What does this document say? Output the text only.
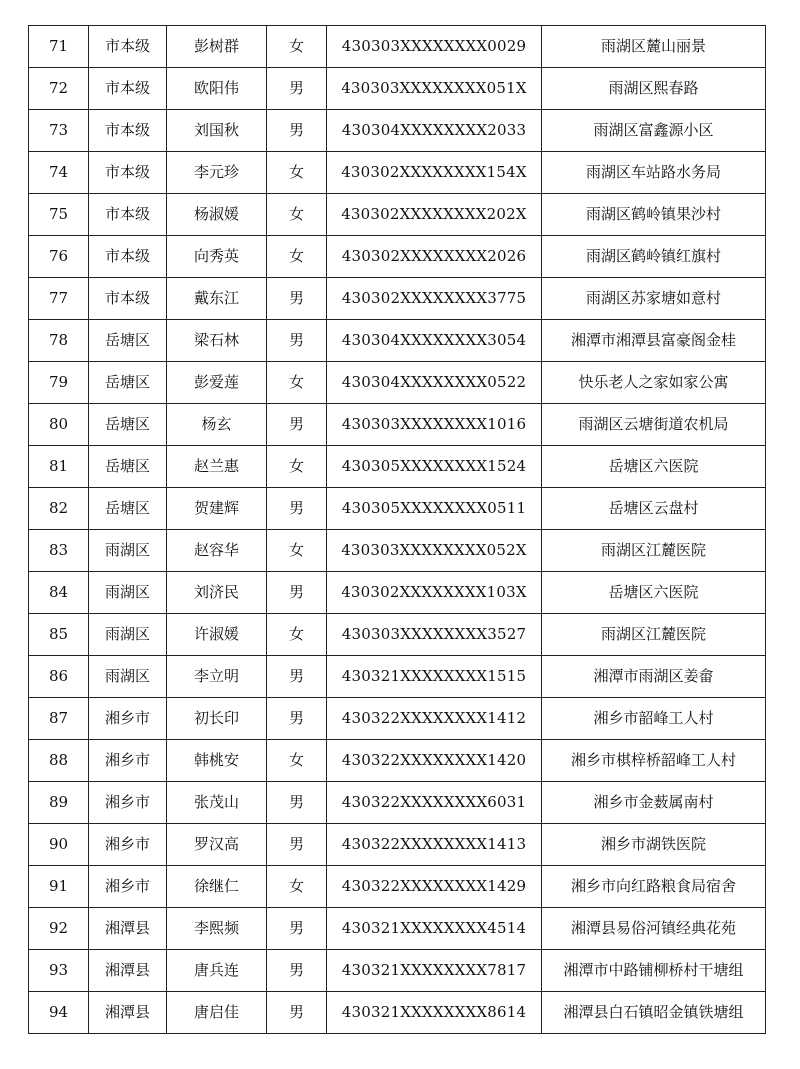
71	市本级	彭树群	女	430303XXXXXXXX0029	雨湖区麓山丽景
72	市本级	欧阳伟	男	430303XXXXXXXX051X	雨湖区熙春路
73	市本级	刘国秋	男	430304XXXXXXXX2033	雨湖区富鑫源小区
74	市本级	李元珍	女	430302XXXXXXXX154X	雨湖区车站路水务局
75	市本级	杨淑媛	女	430302XXXXXXXX202X	雨湖区鹤岭镇果沙村
76	市本级	向秀英	女	430302XXXXXXXX2026	雨湖区鹤岭镇红旗村
77	市本级	戴东江	男	430302XXXXXXXX3775	雨湖区苏家塘如意村
78	岳塘区	梁石林	男	430304XXXXXXXX3054	湘潭市湘潭县富豪阁金桂
79	岳塘区	彭爱莲	女	430304XXXXXXXX0522	快乐老人之家如家公寓
80	岳塘区	杨玄	男	430303XXXXXXXX1016	雨湖区云塘街道农机局
81	岳塘区	赵兰惠	女	430305XXXXXXXX1524	岳塘区六医院
82	岳塘区	贺建辉	男	430305XXXXXXXX0511	岳塘区云盘村
83	雨湖区	赵容华	女	430303XXXXXXXX052X	雨湖区江麓医院
84	雨湖区	刘济民	男	430302XXXXXXXX103X	岳塘区六医院
85	雨湖区	许淑媛	女	430303XXXXXXXX3527	雨湖区江麓医院
86	雨湖区	李立明	男	430321XXXXXXXX1515	湘潭市雨湖区姜畲
87	湘乡市	初长印	男	430322XXXXXXXX1412	湘乡市韶峰工人村
88	湘乡市	韩桃安	女	430322XXXXXXXX1420	湘乡市棋梓桥韶峰工人村
89	湘乡市	张茂山	男	430322XXXXXXXX6031	湘乡市金薮属南村
90	湘乡市	罗汉高	男	430322XXXXXXXX1413	湘乡市湖铁医院
91	湘乡市	徐继仁	女	430322XXXXXXXX1429	湘乡市向红路粮食局宿舍
92	湘潭县	李熙频	男	430321XXXXXXXX4514	湘潭县易俗河镇经典花苑
93	湘潭县	唐兵连	男	430321XXXXXXXX7817	湘潭市中路铺柳桥村干塘组
94	湘潭县	唐启佳	男	430321XXXXXXXX8614	湘潭县白石镇昭金镇铁塘组
